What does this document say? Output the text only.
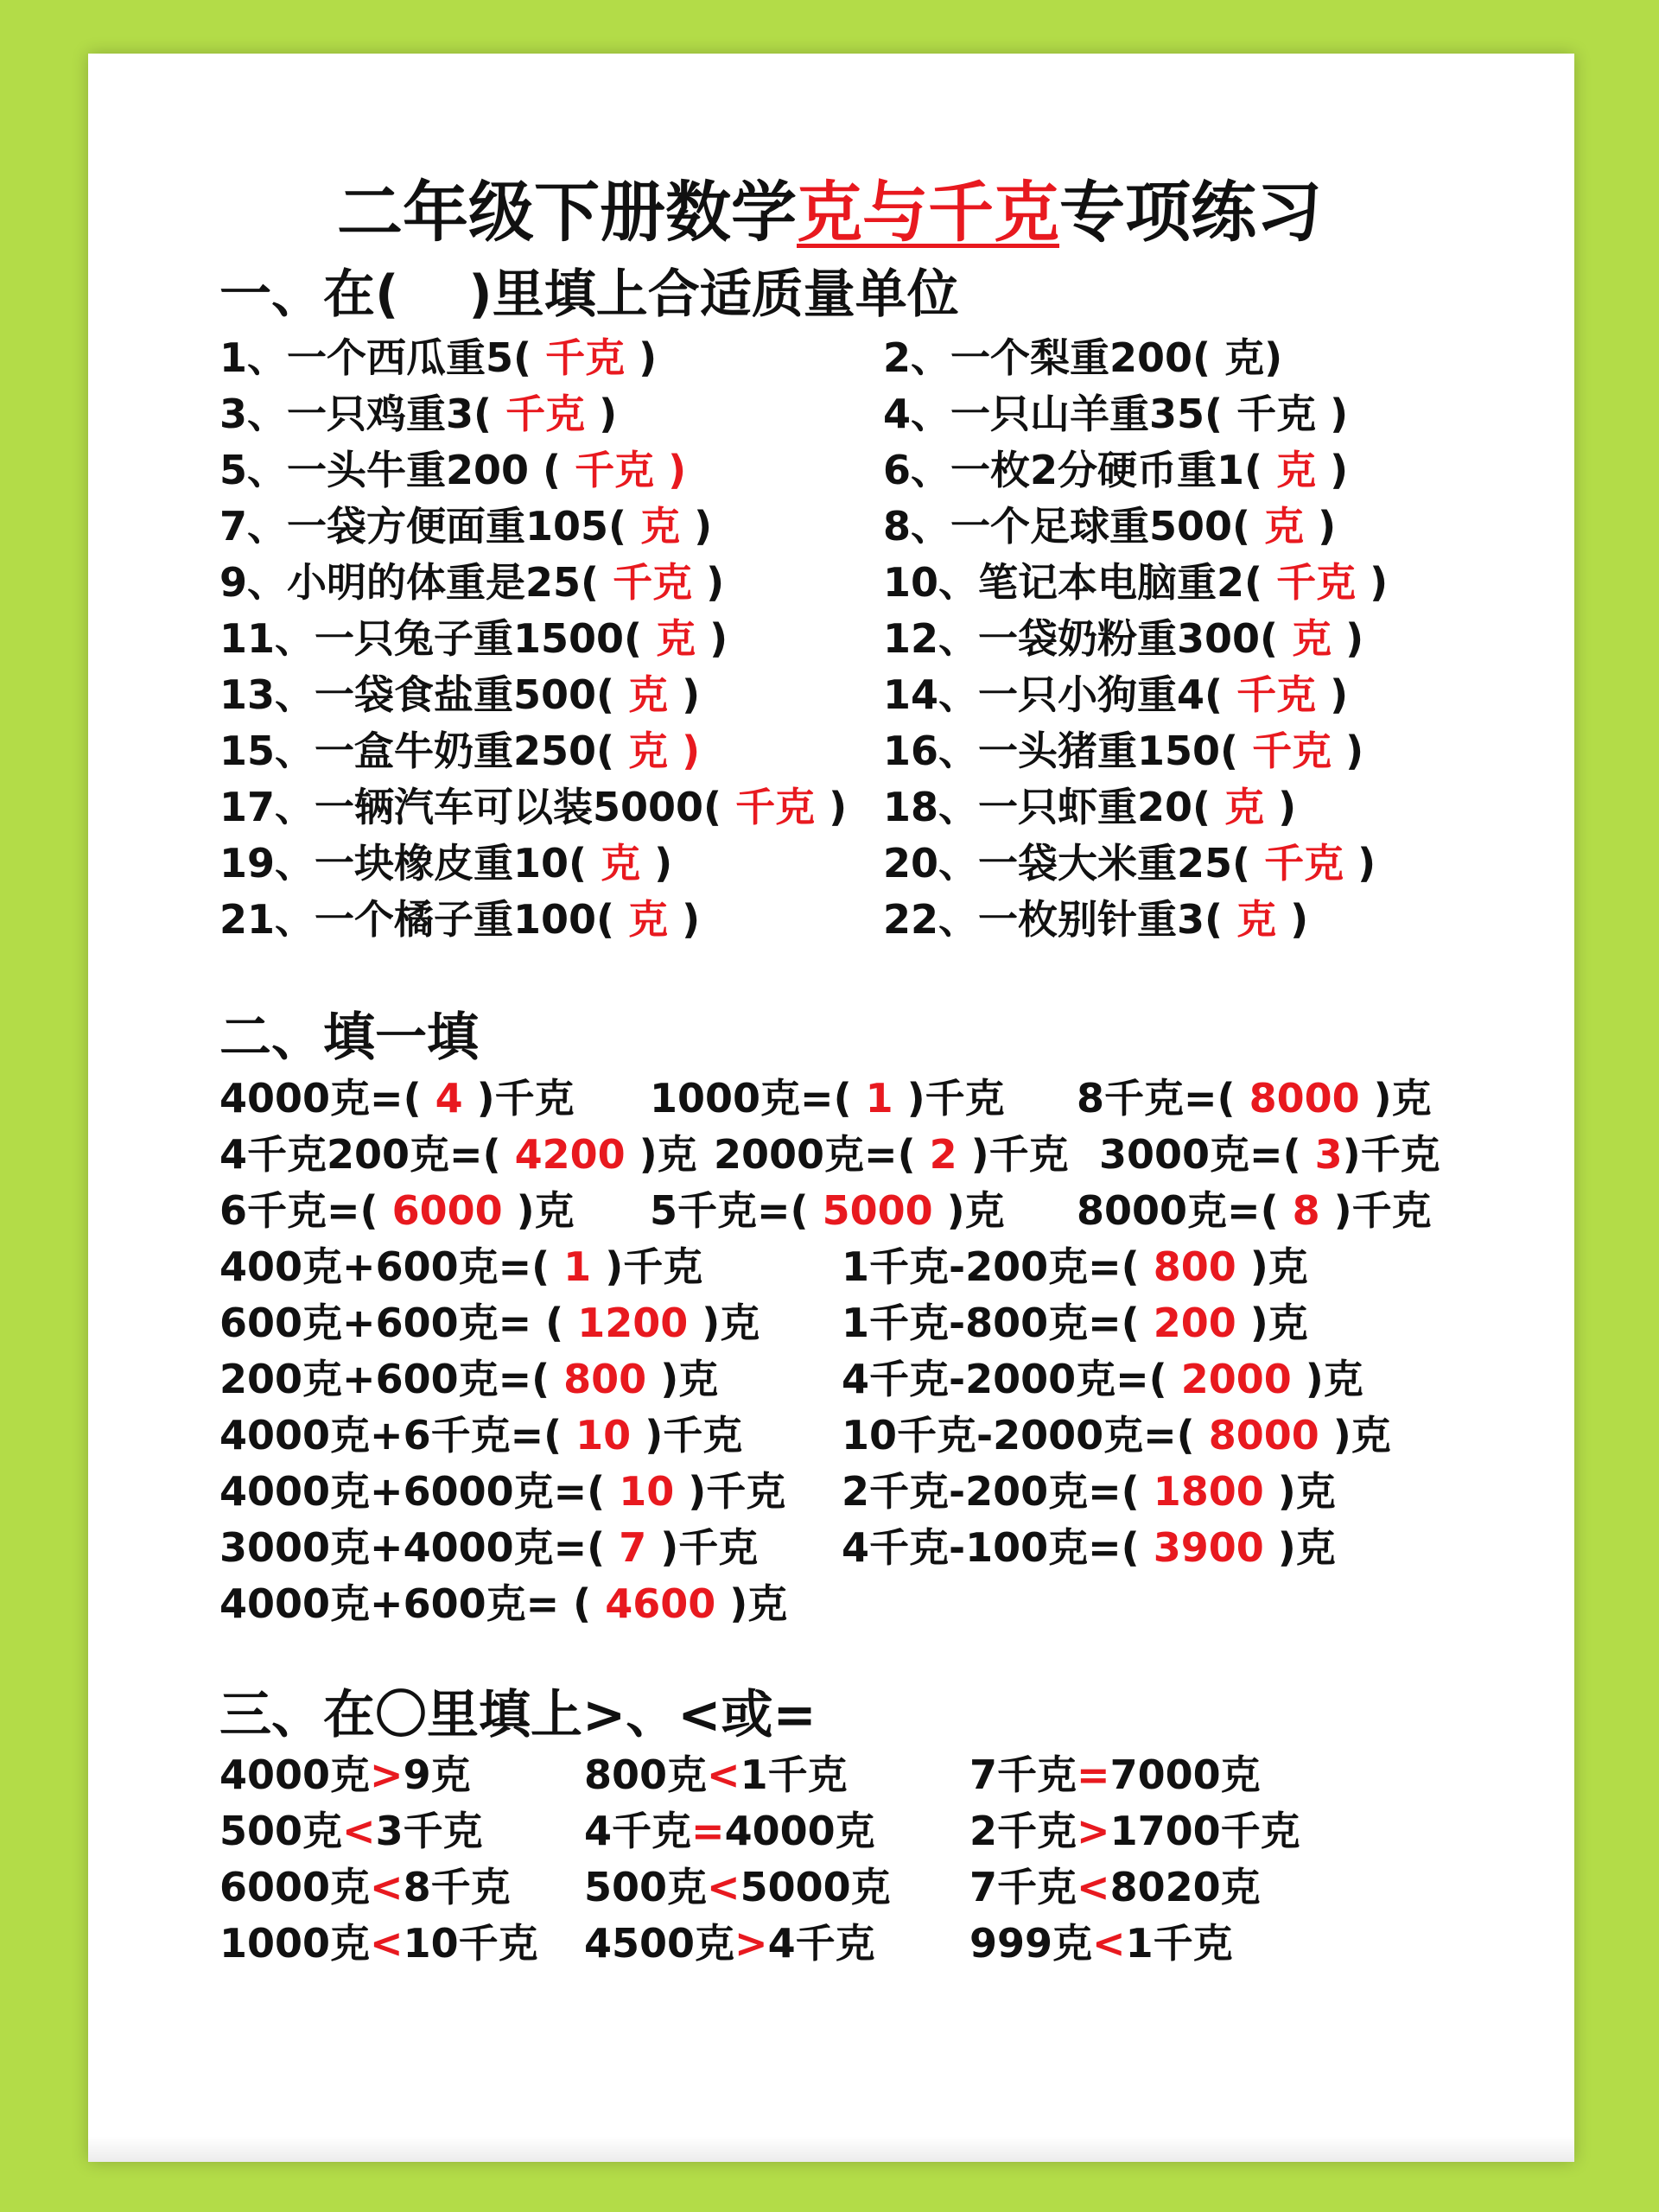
二年级下册数学克与千克专项练习
一、在(　 )里填上合适质量单位
1、一个西瓜重5( 千克 )	2、一个梨重200( 克)
3、一只鸡重3( 千克 )	4、一只山羊重35( 千克 )
5、一头牛重200 ( 千克 )	6、一枚2分硬币重1( 克 )
7、一袋方便面重105( 克 )	8、一个足球重500( 克 )
9、小明的体重是25( 千克 )	10、笔记本电脑重2( 千克 )
11、一只兔子重1500( 克 )	12、一袋奶粉重300( 克 )
13、一袋食盐重500( 克 )	14、一只小狗重4( 千克 )
15、一盒牛奶重250( 克 )	16、一头猪重150( 千克 )
17、一辆汽车可以装5000( 千克 ) 18、一只虾重20( 克 )
19、一块橡皮重10( 克 )	20、一袋大米重25( 千克 )
21、一个橘子重100( 克 )	22、一枚别针重3( 克 )
二、填一填
4000克=( 4 )千克 1000克=( 1 )千克 8千克=( 8000 )克
4千克200克=( 4200 )克 2000克=( 2 )千克 3000克=( 3)千克
6千克=( 6000 )克 5千克=( 5000 )克 8000克=( 8 )千克
400克+600克=( 1 )千克	1千克-200克=( 800 )克
600克+600克= ( 1200 )克 1千克-800克=( 200 )克
200克+600克=( 800 )克	4千克-2000克=( 2000 )克
4000克+6千克=( 10 )千克 10千克-2000克=( 8000 )克
4000克+6000克=( 10 )千克 2千克-200克=( 1800 )克
3000克+4000克=( 7 )千克 4千克-100克=( 3900 )克
4000克+600克= ( 4600 )克
三、在〇里填上>、<或=
4000克>9克	800克<1千克	7千克=7000克
500克<3千克	4千克=4000克 2千克>1700千克
6000克<8千克 500克<5000克 7千克<8020克
1000克<10千克 4500克>4千克 999克<1千克
